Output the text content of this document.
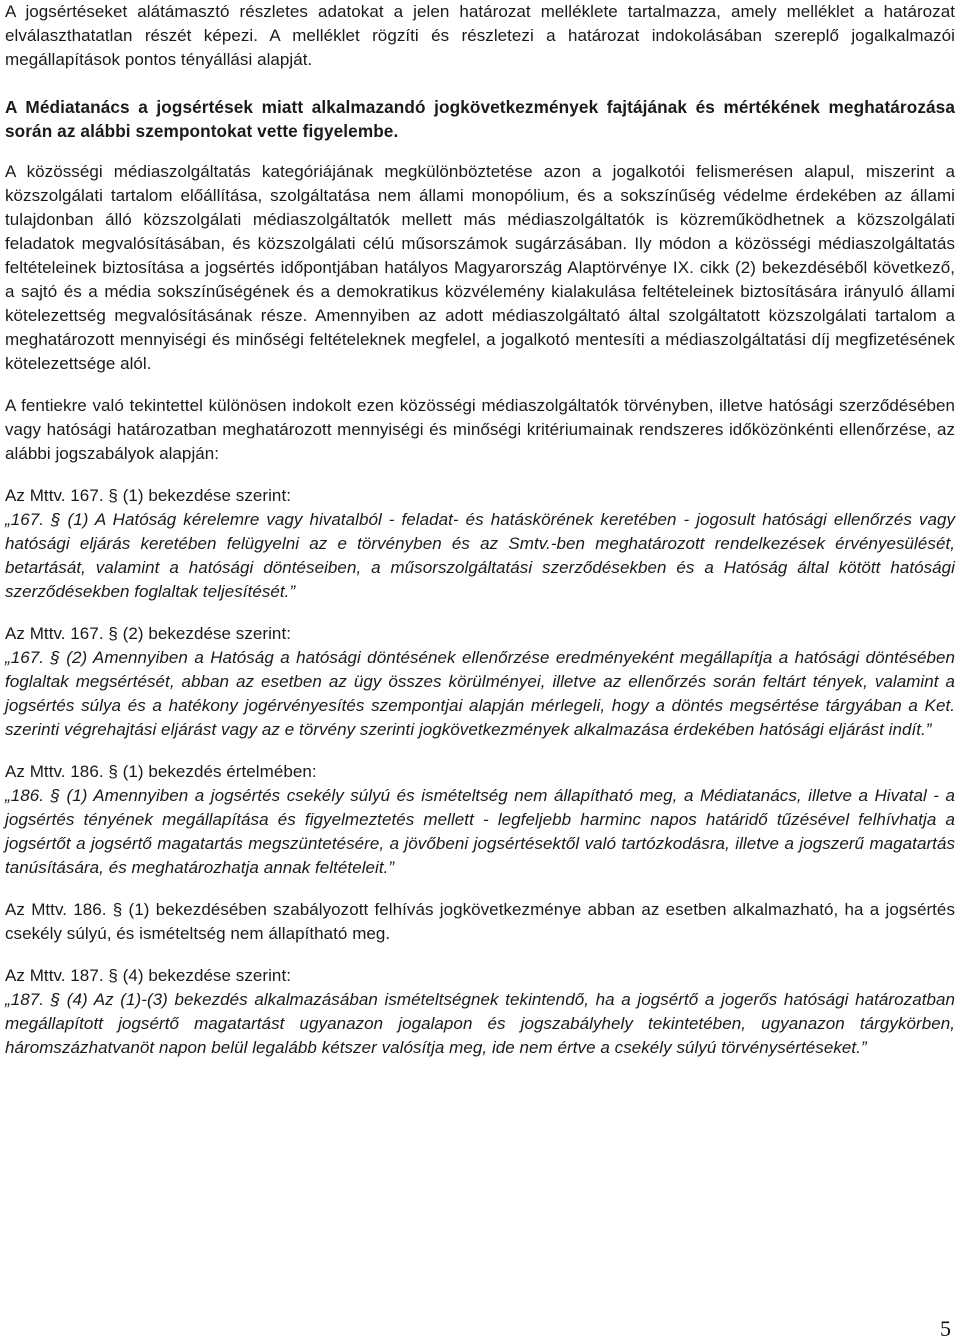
A jogsértéseket alátámasztó részletes adatokat a jelen határozat melléklete tartalmazza, amely melléklet a határozat elválaszthatatlan részét képezi. A melléklet rögzíti és részletezi a határozat indokolásában szereplő jogalkalmazói megállapítások pontos tényállási alapját.

A Médiatanács a jogsértések miatt alkalmazandó jogkövetkezmények fajtájának és mértékének meghatározása során az alábbi szempontokat vette figyelembe.

A közösségi médiaszolgáltatás kategóriájának megkülönböztetése azon a jogalkotói felismerésen alapul, miszerint a közszolgálati tartalom előállítása, szolgáltatása nem állami monopólium, és a sokszínűség védelme érdekében az állami tulajdonban álló közszolgálati médiaszolgáltatók mellett más médiaszolgáltatók is közreműködhetnek a közszolgálati feladatok megvalósításában, és közszolgálati célú műsorszámok sugárzásában. Ily módon a közösségi médiaszolgáltatás feltételeinek biztosítása a jogsértés időpontjában hatályos Magyarország Alaptörvénye IX. cikk (2) bekezdéséből következő, a sajtó és a média sokszínűségének és a demokratikus közvélemény kialakulása feltételeinek biztosítására irányuló állami kötelezettség megvalósításának része. Amennyiben az adott médiaszolgáltató által szolgáltatott közszolgálati tartalom a meghatározott mennyiségi és minőségi feltételeknek megfelel, a jogalkotó mentesíti a médiaszolgáltatási díj megfizetésének kötelezettsége alól.

A fentiekre való tekintettel különösen indokolt ezen közösségi médiaszolgáltatók törvényben, illetve hatósági szerződésében vagy hatósági határozatban meghatározott mennyiségi és minőségi kritériumainak rendszeres időközönkénti ellenőrzése, az alábbi jogszabályok alapján:

Az Mttv. 167. § (1) bekezdése szerint:

„167. § (1) A Hatóság kérelemre vagy hivatalból - feladat- és hatáskörének keretében - jogosult hatósági ellenőrzés vagy hatósági eljárás keretében felügyelni az e törvényben és az Smtv.-ben meghatározott rendelkezések érvényesülését, betartását, valamint a hatósági döntéseiben, a műsorszolgáltatási szerződésekben és a Hatóság által kötött hatósági szerződésekben foglaltak teljesítését.”

Az Mttv. 167. § (2) bekezdése szerint:

„167. § (2) Amennyiben a Hatóság a hatósági döntésének ellenőrzése eredményeként megállapítja a hatósági döntésében foglaltak megsértését, abban az esetben az ügy összes körülményei, illetve az ellenőrzés során feltárt tények, valamint a jogsértés súlya és a hatékony jogérvényesítés szempontjai alapján mérlegeli, hogy a döntés megsértése tárgyában a Ket. szerinti végrehajtási eljárást vagy az e törvény szerinti jogkövetkezmények alkalmazása érdekében hatósági eljárást indít.”

Az Mttv. 186. § (1) bekezdés értelmében:

„186. § (1) Amennyiben a jogsértés csekély súlyú és ismételtség nem állapítható meg, a Médiatanács, illetve a Hivatal - a jogsértés tényének megállapítása és figyelmeztetés mellett - legfeljebb harminc napos határidő tűzésével felhívhatja a jogsértőt a jogsértő magatartás megszüntetésére, a jövőbeni jogsértésektől való tartózkodásra, illetve a jogszerű magatartás tanúsítására, és meghatározhatja annak feltételeit.”

Az Mttv. 186. § (1) bekezdésében szabályozott felhívás jogkövetkezménye abban az esetben alkalmazható, ha a jogsértés csekély súlyú, és ismételtség nem állapítható meg.

Az Mttv. 187. § (4) bekezdése szerint:

„187. § (4) Az (1)-(3) bekezdés alkalmazásában ismételtségnek tekintendő, ha a jogsértő a jogerős hatósági határozatban megállapított jogsértő magatartást ugyanazon jogalapon és jogszabályhely tekintetében, ugyanazon tárgykörben, háromszázhatvanöt napon belül legalább kétszer valósítja meg, ide nem értve a csekély súlyú törvénysértéseket.”

5
